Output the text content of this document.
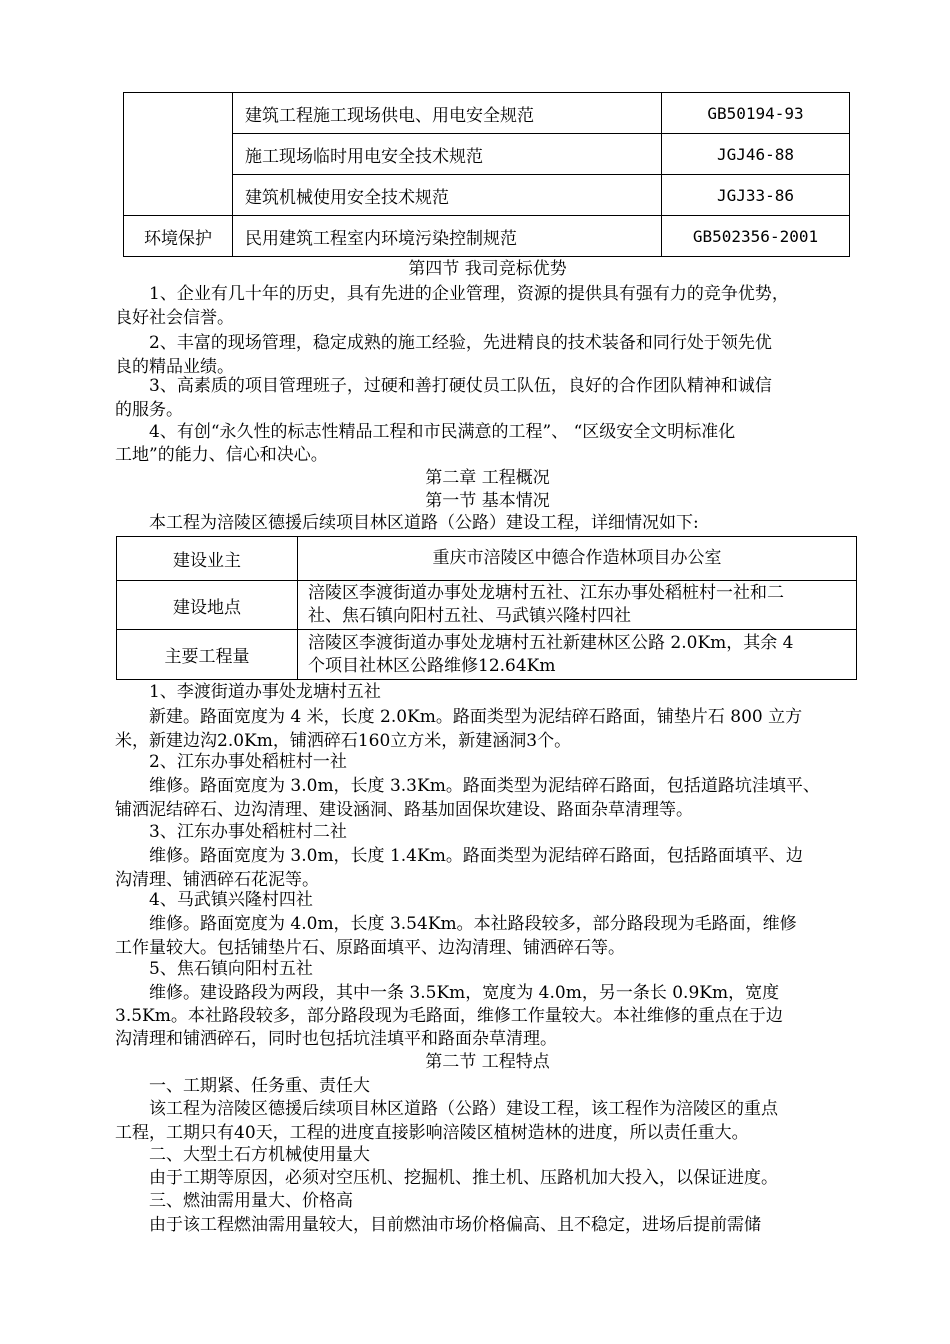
	建筑工程施工现场供电、用电安全规范	GB50194-93
	施工现场临时用电安全技术规范	JGJ46-88
	建筑机械使用安全技术规范	JGJ33-86
环境保护	民用建筑工程室内环境污染控制规范	GB502356-2001
第四节 我司竞标优势
1、企业有几十年的历史，具有先进的企业管理，资源的提供具有强有力的竞争优势，
良好社会信誉。
2、丰富的现场管理，稳定成熟的施工经验，先进精良的技术装备和同行处于领先优
良的精品业绩。
3、高素质的项目管理班子，过硬和善打硬仗员工队伍，良好的合作团队精神和诚信
的服务。
4、有创“永久性的标志性精品工程和市民满意的工程”、 “区级安全文明标准化
工地”的能力、信心和决心。
第二章 工程概况
第一节 基本情况
本工程为涪陵区德援后续项目林区道路（公路）建设工程，详细情况如下:
建设业主	重庆市涪陵区中德合作造林项目办公室
建设地点	涪陵区李渡街道办事处龙塘村五社、江东办事处稻桩村一社和二
社、焦石镇向阳村五社、马武镇兴隆村四社

主要工程量	涪陵区李渡街道办事处龙塘村五社新建林区公路 2.0Km，其余 4
个项目社林区公路维修12.64Km
1、李渡街道办事处龙塘村五社
新建。路面宽度为 4 米，长度 2.0Km。路面类型为泥结碎石路面，铺垫片石 800 立方
米，新建边沟2.0Km，铺洒碎石160立方米，新建涵洞3个。
2、江东办事处稻桩村一社
维修。路面宽度为 3.0m，长度 3.3Km。路面类型为泥结碎石路面，包括道路坑洼填平、
铺洒泥结碎石、边沟清理、建设涵洞、路基加固保坎建设、路面杂草清理等。
3、江东办事处稻桩村二社
维修。路面宽度为 3.0m，长度 1.4Km。路面类型为泥结碎石路面，包括路面填平、边
沟清理、铺洒碎石花泥等。
4、马武镇兴隆村四社
维修。路面宽度为 4.0m，长度 3.54Km。本社路段较多，部分路段现为毛路面，维修
工作量较大。包括铺垫片石、原路面填平、边沟清理、铺洒碎石等。
5、焦石镇向阳村五社
维修。建设路段为两段，其中一条 3.5Km，宽度为 4.0m，另一条长 0.9Km，宽度
3.5Km。本社路段较多，部分路段现为毛路面，维修工作量较大。本社维修的重点在于边
沟清理和铺洒碎石，同时也包括坑洼填平和路面杂草清理。
第二节 工程特点
一、工期紧、任务重、责任大
该工程为涪陵区德援后续项目林区道路（公路）建设工程，该工程作为涪陵区的重点
工程，工期只有40天，工程的进度直接影响涪陵区植树造林的进度，所以责任重大。
二、大型土石方机械使用量大
由于工期等原因，必须对空压机、挖掘机、推土机、压路机加大投入，以保证进度。
三、燃油需用量大、价格高
由于该工程燃油需用量较大，目前燃油市场价格偏高、且不稳定，进场后提前需储
